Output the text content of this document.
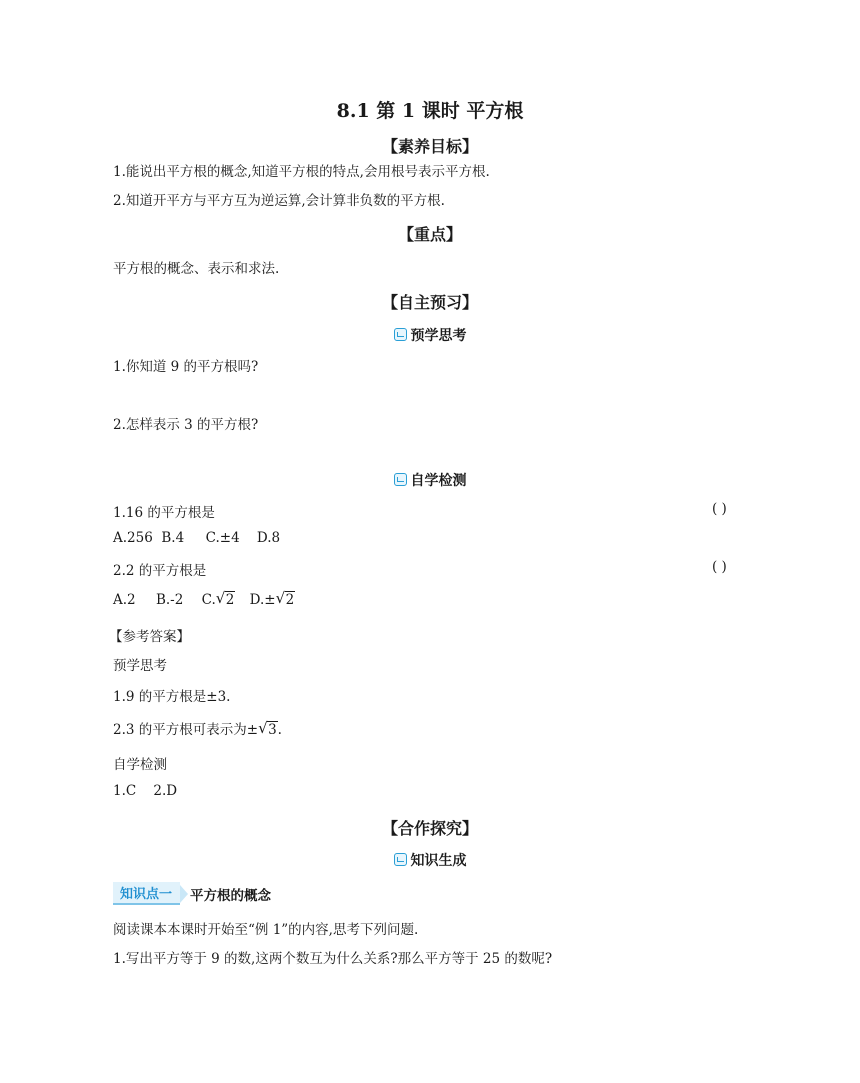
8.1 第 1 课时 平方根
【素养目标】
1.能说出平方根的概念,知道平方根的特点,会用根号表示平方根.
2.知道开平方与平方互为逆运算,会计算非负数的平方根.
【重点】
平方根的概念、表示和求法.
【自主预习】
预学思考
1.你知道 9 的平方根吗?
2.怎样表示 3 的平方根?
自学检测
1.16 的平方根是	( )
A.256  B.4     C.±4    D.8
2.2 的平方根是	( )
A.2 B.-2 C. √ 2 D.± √ 2
【参考答案】
预学思考
1.9 的平方根是±3.
2.3 的平方根可表示为± √ 3.
自学检测
1.C    2.D
【合作探究】
知识生成
知识点一	平方根的概念
阅读课本本课时开始至“例 1”的内容,思考下列问题.
1.写出平方等于 9 的数,这两个数互为什么关系?那么平方等于 25 的数呢?
